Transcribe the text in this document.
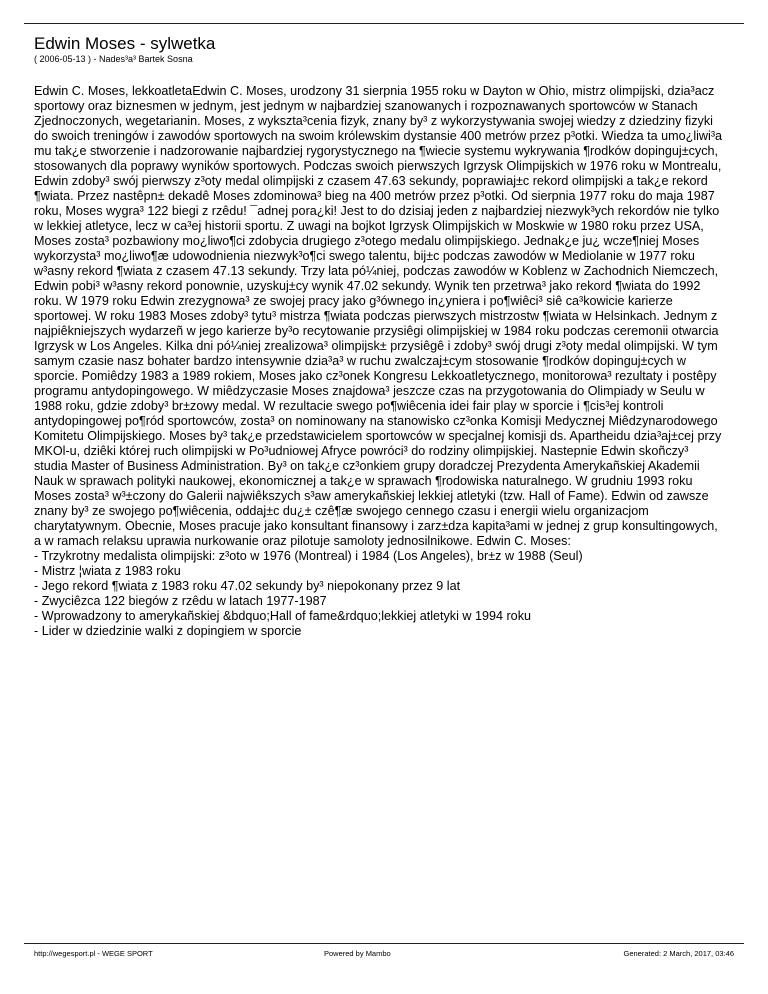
Edwin Moses - sylwetka

( 2006-05-13 ) - Nades³a³ Bartek Sosna

Edwin C. Moses, lekkoatletaEdwin C. Moses, urodzony 31 sierpnia 1955 roku w Dayton w Ohio, mistrz olimpijski, dzia³acz sportowy oraz biznesmen w jednym, jest jednym w najbardziej szanowanych i rozpoznawanych sportowców w Stanach Zjednoczonych, wegetarianin. Moses, z wykszta³cenia fizyk, znany by³ z wykorzystywania swojej wiedzy z dziedziny fizyki do swoich treningów i zawodów sportowych na swoim królewskim dystansie 400 metrów przez p³otki. Wiedza ta umo¿liwi³a mu tak¿e stworzenie i nadzorowanie najbardziej rygorystycznego na ¶wiecie systemu wykrywania ¶rodków dopinguj±cych, stosowanych dla poprawy wyników sportowych. Podczas swoich pierwszych Igrzysk Olimpijskich w 1976 roku w Montrealu, Edwin zdoby³ swój pierwszy z³oty medal olimpijski z czasem 47.63 sekundy, poprawiaj±c rekord olimpijski a tak¿e rekord ¶wiata. Przez nastêpn± dekadê Moses zdominowa³ bieg na 400 metrów przez p³otki. Od sierpnia 1977 roku do maja 1987 roku, Moses wygra³ 122 biegi z rzêdu! ¯adnej pora¿ki! Jest to do dzisiaj jeden z najbardziej niezwyk³ych rekordów nie tylko w lekkiej atletyce, lecz w ca³ej historii sportu. Z uwagi na bojkot Igrzysk Olimpijskich w Moskwie w 1980 roku przez USA, Moses zosta³ pozbawiony mo¿liwo¶ci zdobycia drugiego z³otego medalu olimpijskiego. Jednak¿e ju¿ wcze¶niej Moses wykorzysta³ mo¿liwo¶æ udowodnienia niezwyk³o¶ci swego talentu, bij±c podczas zawodów w Mediolanie w 1977 roku w³asny rekord ¶wiata z czasem 47.13 sekundy. Trzy lata pó¼niej, podczas zawodów w Koblenz w Zachodnich Niemczech, Edwin pobi³ w³asny rekord ponownie, uzyskuj±cy wynik 47.02 sekundy. Wynik ten przetrwa³ jako rekord ¶wiata do 1992 roku. W 1979 roku Edwin zrezygnowa³ ze swojej pracy jako g³ównego in¿yniera i po¶wiêci³ siê ca³kowicie karierze sportowej. W roku 1983 Moses zdoby³ tytu³ mistrza ¶wiata podczas pierwszych mistrzostw ¶wiata w Helsinkach. Jednym z najpiêkniejszych wydarzeñ w jego karierze by³o recytowanie przysiêgi olimpijskiej w 1984 roku podczas ceremonii otwarcia Igrzysk w Los Angeles. Kilka dni pó¼niej zrealizowa³ olimpijsk± przysiêgê i zdoby³ swój drugi z³oty medal olimpijski. W tym samym czasie nasz bohater bardzo intensywnie dzia³a³ w ruchu zwalczaj±cym stosowanie ¶rodków dopinguj±cych w sporcie. Pomiêdzy 1983 a 1989 rokiem, Moses jako cz³onek Kongresu Lekkoatletycznego, monitorowa³ rezultaty i postêpy programu antydopingowego. W miêdzyczasie Moses znajdowa³ jeszcze czas na przygotowania do Olimpiady w Seulu w 1988 roku, gdzie zdoby³ br±zowy medal. W rezultacie swego po¶wiêcenia idei fair play w sporcie i ¶cis³ej kontroli antydopingowej po¶ród sportowców, zosta³ on nominowany na stanowisko cz³onka Komisji Medycznej Miêdzynarodowego Komitetu Olimpijskiego. Moses by³ tak¿e przedstawicielem sportowców w specjalnej komisji ds. Apartheidu dzia³aj±cej przy MKOl-u, dziêki której ruch olimpijski w Po³udniowej Afryce powróci³ do rodziny olimpijskiej. Nastepnie Edwin skoñczy³ studia Master of Business Administration. By³ on tak¿e cz³onkiem grupy doradczej Prezydenta Amerykañskiej Akademii Nauk w sprawach polityki naukowej, ekonomicznej a tak¿e w sprawach ¶rodowiska naturalnego. W grudniu 1993 roku Moses zosta³ w³±czony do Galerii najwiêkszych s³aw amerykañskiej lekkiej atletyki (tzw. Hall of Fame). Edwin od zawsze znany by³ ze swojego po¶wiêcenia, oddaj±c du¿± czê¶æ swojego cennego czasu i energii wielu organizacjom charytatywnym. Obecnie, Moses pracuje jako konsultant finansowy i zarz±dza kapita³ami w jednej z grup konsultingowych, a w ramach relaksu uprawia nurkowanie oraz pilotuje samoloty jednosilnikowe. Edwin C. Moses:

- Trzykrotny medalista olimpijski: z³oto w 1976 (Montreal) i 1984 (Los Angeles), br±z w 1988 (Seul)
- Mistrz ¦wiata z 1983 roku
- Jego rekord ¶wiata z 1983 roku 47.02 sekundy by³ niepokonany przez 9 lat
- Zwyciêzca 122 biegów z rzêdu w latach 1977-1987
- Wprowadzony to amerykañskiej &bdquo;Hall of fame&rdquo;lekkiej atletyki w 1994 roku
- Lider w dziedzinie walki z dopingiem w sporcie
http://wegesport.pl - WEGE SPORT	Powered by Mambo	Generated: 2 March, 2017, 03:46
